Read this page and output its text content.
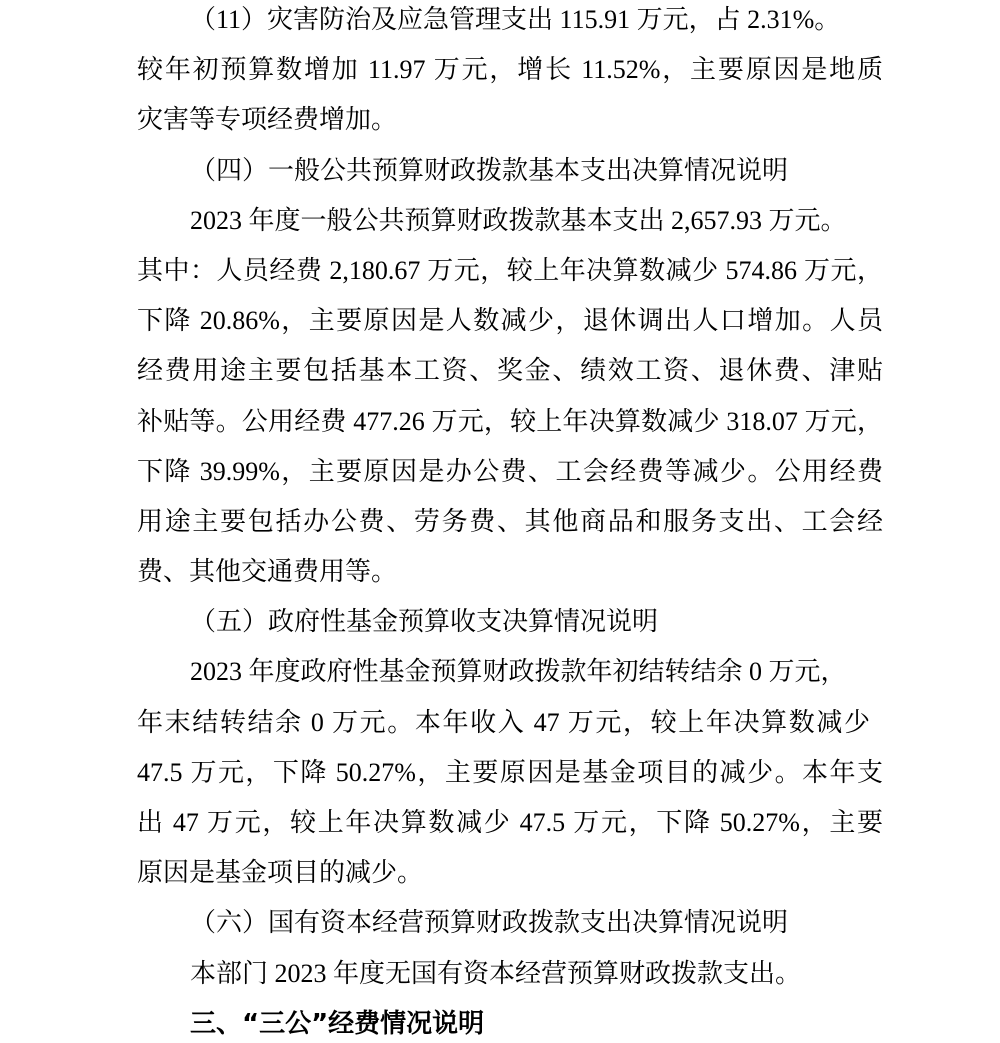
（11）灾害防治及应急管理支出 115.91 万元，占 2.31%。
较年初预算数增加 11.97 万元，增长 11.52%，主要原因是地质
灾害等专项经费增加。
（四）一般公共预算财政拨款基本支出决算情况说明
2023 年度一般公共预算财政拨款基本支出 2,657.93 万元。
其中：人员经费 2,180.67 万元，较上年决算数减少 574.86 万元，
下降 20.86%，主要原因是人数减少，退休调出人口增加。人员
经费用途主要包括基本工资、奖金、绩效工资、退休费、津贴
补贴等。公用经费 477.26 万元，较上年决算数减少 318.07 万元，
下降 39.99%，主要原因是办公费、工会经费等减少。公用经费
用途主要包括办公费、劳务费、其他商品和服务支出、工会经
费、其他交通费用等。
（五）政府性基金预算收支决算情况说明
2023 年度政府性基金预算财政拨款年初结转结余 0 万元，
年末结转结余 0 万元。本年收入 47 万元，较上年决算数减少
47.5 万元，下降 50.27%，主要原因是基金项目的减少。本年支
出 47 万元，较上年决算数减少 47.5 万元，下降 50.27%，主要
原因是基金项目的减少。
（六）国有资本经营预算财政拨款支出决算情况说明
本部门 2023 年度无国有资本经营预算财政拨款支出。
三、“三公”经费情况说明
